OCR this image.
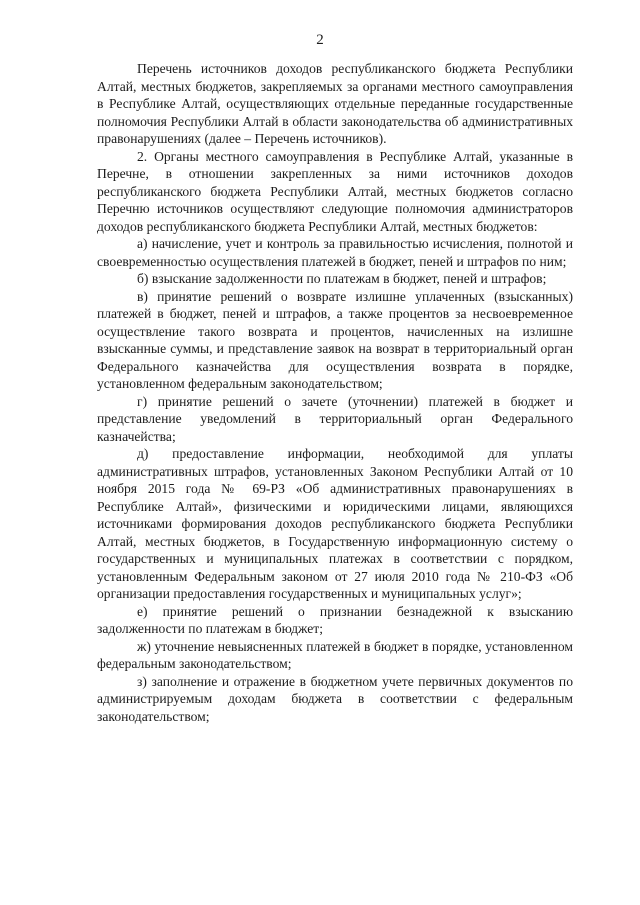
2

Перечень источников доходов республиканского бюджета Республики Алтай, местных бюджетов, закрепляемых за органами местного самоуправления в Республике Алтай, осуществляющих отдельные переданные государственные полномочия Республики Алтай в области законодательства об административных правонарушениях (далее – Перечень источников).

2. Органы местного самоуправления в Республике Алтай, указанные в Перечне, в отношении закрепленных за ними источников доходов республиканского бюджета Республики Алтай, местных бюджетов согласно Перечню источников осуществляют следующие полномочия администраторов доходов республиканского бюджета Республики Алтай, местных бюджетов:

а) начисление, учет и контроль за правильностью исчисления, полнотой и своевременностью осуществления платежей в бюджет, пеней и штрафов по ним;

б) взыскание задолженности по платежам в бюджет, пеней и штрафов;

в) принятие решений о возврате излишне уплаченных (взысканных) платежей в бюджет, пеней и штрафов, а также процентов за несвоевременное осуществление такого возврата и процентов, начисленных на излишне взысканные суммы, и представление заявок на возврат в территориальный орган Федерального казначейства для осуществления возврата в порядке, установленном федеральным законодательством;

г) принятие решений о зачете (уточнении) платежей в бюджет и представление уведомлений в территориальный орган Федерального казначейства;

д) предоставление информации, необходимой для уплаты административных штрафов, установленных Законом Республики Алтай от 10 ноября 2015 года № 69-РЗ «Об административных правонарушениях в Республике Алтай», физическими и юридическими лицами, являющихся источниками формирования доходов республиканского бюджета Республики Алтай, местных бюджетов, в Государственную информационную систему о государственных и муниципальных платежах в соответствии с порядком, установленным Федеральным законом от 27 июля 2010 года № 210-ФЗ «Об организации предоставления государственных и муниципальных услуг»;

е) принятие решений о признании безнадежной к взысканию задолженности по платежам в бюджет;

ж) уточнение невыясненных платежей в бюджет в порядке, установленном федеральным законодательством;

з) заполнение и отражение в бюджетном учете первичных документов по администрируемым доходам бюджета в соответствии с федеральным законодательством;
